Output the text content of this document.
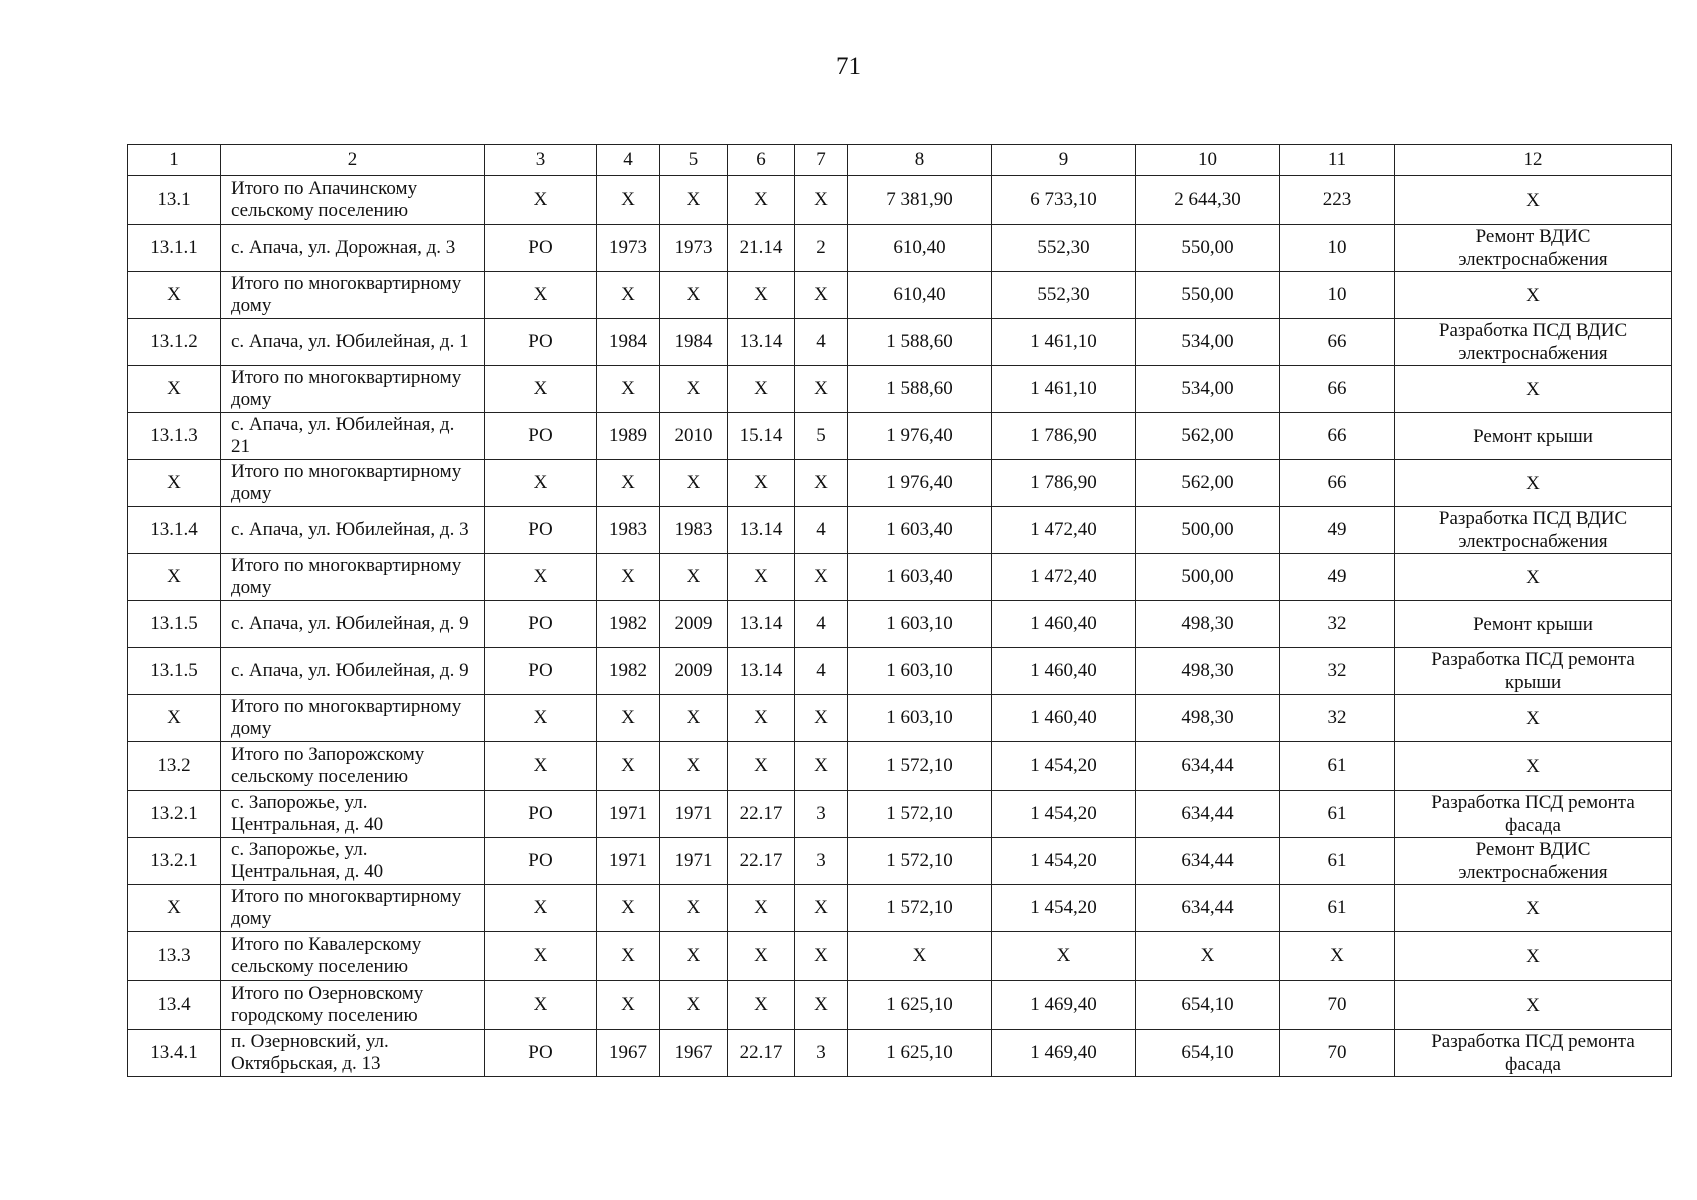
71
1	2	3	4	5	6	7	8	9	10	11	12
13.1	Итого по Апачинскому сельскому поселению	X	X	X	X	X	7 381,90	6 733,10	2 644,30	223	X
13.1.1	с. Апача, ул. Дорожная, д. 3	РО	1973	1973	21.14	2	610,40	552,30	550,00	10	Ремонт ВДИС электроснабжения
X	Итого по многоквартирному дому	X	X	X	X	X	610,40	552,30	550,00	10	X
13.1.2	с. Апача, ул. Юбилейная, д. 1	РО	1984	1984	13.14	4	1 588,60	1 461,10	534,00	66	Разработка ПСД ВДИС электроснабжения
X	Итого по многоквартирному дому	X	X	X	X	X	1 588,60	1 461,10	534,00	66	X
13.1.3	с. Апача, ул. Юбилейная, д. 21	РО	1989	2010	15.14	5	1 976,40	1 786,90	562,00	66	Ремонт крыши
X	Итого по многоквартирному дому	X	X	X	X	X	1 976,40	1 786,90	562,00	66	X
13.1.4	с. Апача, ул. Юбилейная, д. 3	РО	1983	1983	13.14	4	1 603,40	1 472,40	500,00	49	Разработка ПСД ВДИС электроснабжения
X	Итого по многоквартирному дому	X	X	X	X	X	1 603,40	1 472,40	500,00	49	X
13.1.5	с. Апача, ул. Юбилейная, д. 9	РО	1982	2009	13.14	4	1 603,10	1 460,40	498,30	32	Ремонт крыши
13.1.5	с. Апача, ул. Юбилейная, д. 9	РО	1982	2009	13.14	4	1 603,10	1 460,40	498,30	32	Разработка ПСД ремонта крыши
X	Итого по многоквартирному дому	X	X	X	X	X	1 603,10	1 460,40	498,30	32	X
13.2	Итого по Запорожскому сельскому поселению	X	X	X	X	X	1 572,10	1 454,20	634,44	61	X
13.2.1	с. Запорожье, ул. Центральная, д. 40	РО	1971	1971	22.17	3	1 572,10	1 454,20	634,44	61	Разработка ПСД ремонта фасада
13.2.1	с. Запорожье, ул. Центральная, д. 40	РО	1971	1971	22.17	3	1 572,10	1 454,20	634,44	61	Ремонт ВДИС электроснабжения
X	Итого по многоквартирному дому	X	X	X	X	X	1 572,10	1 454,20	634,44	61	X
13.3	Итого по Кавалерскому сельскому поселению	X	X	X	X	X	X	X	X	X	X
13.4	Итого по Озерновскому городскому поселению	X	X	X	X	X	1 625,10	1 469,40	654,10	70	X
13.4.1	п. Озерновский, ул. Октябрьская, д. 13	РО	1967	1967	22.17	3	1 625,10	1 469,40	654,10	70	Разработка ПСД ремонта фасада
